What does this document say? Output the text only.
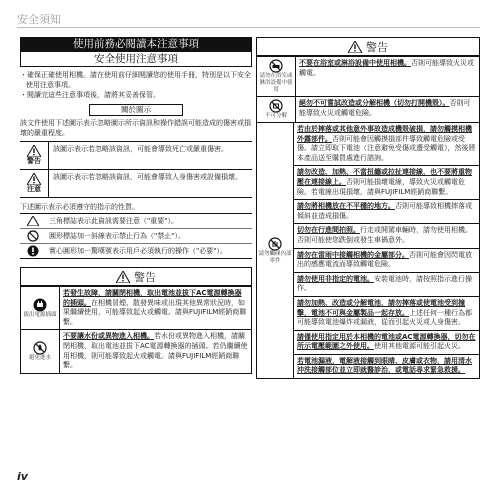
安全須知
使用前務必閱讀本注意事項
安全使用注意事項
・確保正確使用相機。請在使用前仔細閱讀您的使用手冊，特別是以下安全使用注意事項。
・閱讀完這些注意事項後，請將其妥善保管。
關於圖示

該文件使用下述圖示表示忽略圖示所示資訊和操作錯誤可能造成的傷害或損壞的嚴重程度。

警告
該圖示表示若忽略該資訊，可能會導致死亡或嚴重傷害。
注意
該圖示表示若忽略該資訊，可能會導致人身傷害或設備損壞。

下述圖示表示必須遵守的指示的性質。

三角標誌表示此資訊需要注意（"重要"）。
圓形標誌加一斜線表示禁止行為（"禁止"）。
實心圓形加一驚嘆號表示用戶必須執行的操作（"必要"）。
警告
拔出電源插頭
若發生故障，請關閉相機，取出電池並拔下AC電源轉換器的插頭。在相機冒煙、散發異味或出現其他異常狀況時，如果繼續使用，可能導致起火或觸電。請與FUJIFILM經銷商聯繫。
避免進水
不要讓水份或異物進入相機。若水份或異物進入相機，請關閉相機，取出電池並拔下AC電源轉換器的插頭。若仍繼續使用相機，則可能導致起火或觸電。請與FUJIFILM經銷商聯繫。
警告
請勿在浴室或淋浴設備中使用
不要在浴室或淋浴設備中使用相機。否則可能導致火災或觸電。
不可分解
絕勿不可嘗試改造或分解相機（切勿打開機殼）。否則可能導致火災或觸電危險。
請勿觸碰內部零件
若由於摔落或其他意外事故造成機殼破損，請勿觸摸相機外露部件。否則可能會因觸摸損部件導致觸電危險或受傷。請立即取下電池（注意避免受傷或遭受觸電），然後將本產品送至購買處進行諮詢。
請勿改造、加熱、不當扭纏或拉扯連接線，也不要將重物壓在連接線上。否則可能損壞電線，導致火災或觸電危險。若電線出現損壞，請與FUJIFILM經銷商聯繫。
請勿將相機放在不平穩的地方。否則可能導致相機摔落或傾斜並造成損傷。
切勿在行進間拍照。行走或開駕車輛時，請勿使用相機。否則可能使您跌倒或發生車禍意外。
請勿在雷雨中接觸相機的金屬部分。否則可能會因閃電放出的感應電流而導致觸電危險。
請勿使用非指定的電池。安裝電池時，請按照指示進行操作。
請勿加熱、改造或分解電池，請勿摔落或使電池受到撞擊，電池不可與金屬製品一起存放。上述任何一種行為都可能導致電池爆炸或漏液，從而引起火災或人身傷害。
請僅使用指定用於本相機的電池或AC電源轉換器，切勿在所示電壓範圍之外使用。使用其他電源可能引起火災。
若電池漏液，電解液接觸到眼睛、皮膚或衣物，請用清水沖洗接觸部位並立即就醫診治，或電話尋求緊急救援。
iv
